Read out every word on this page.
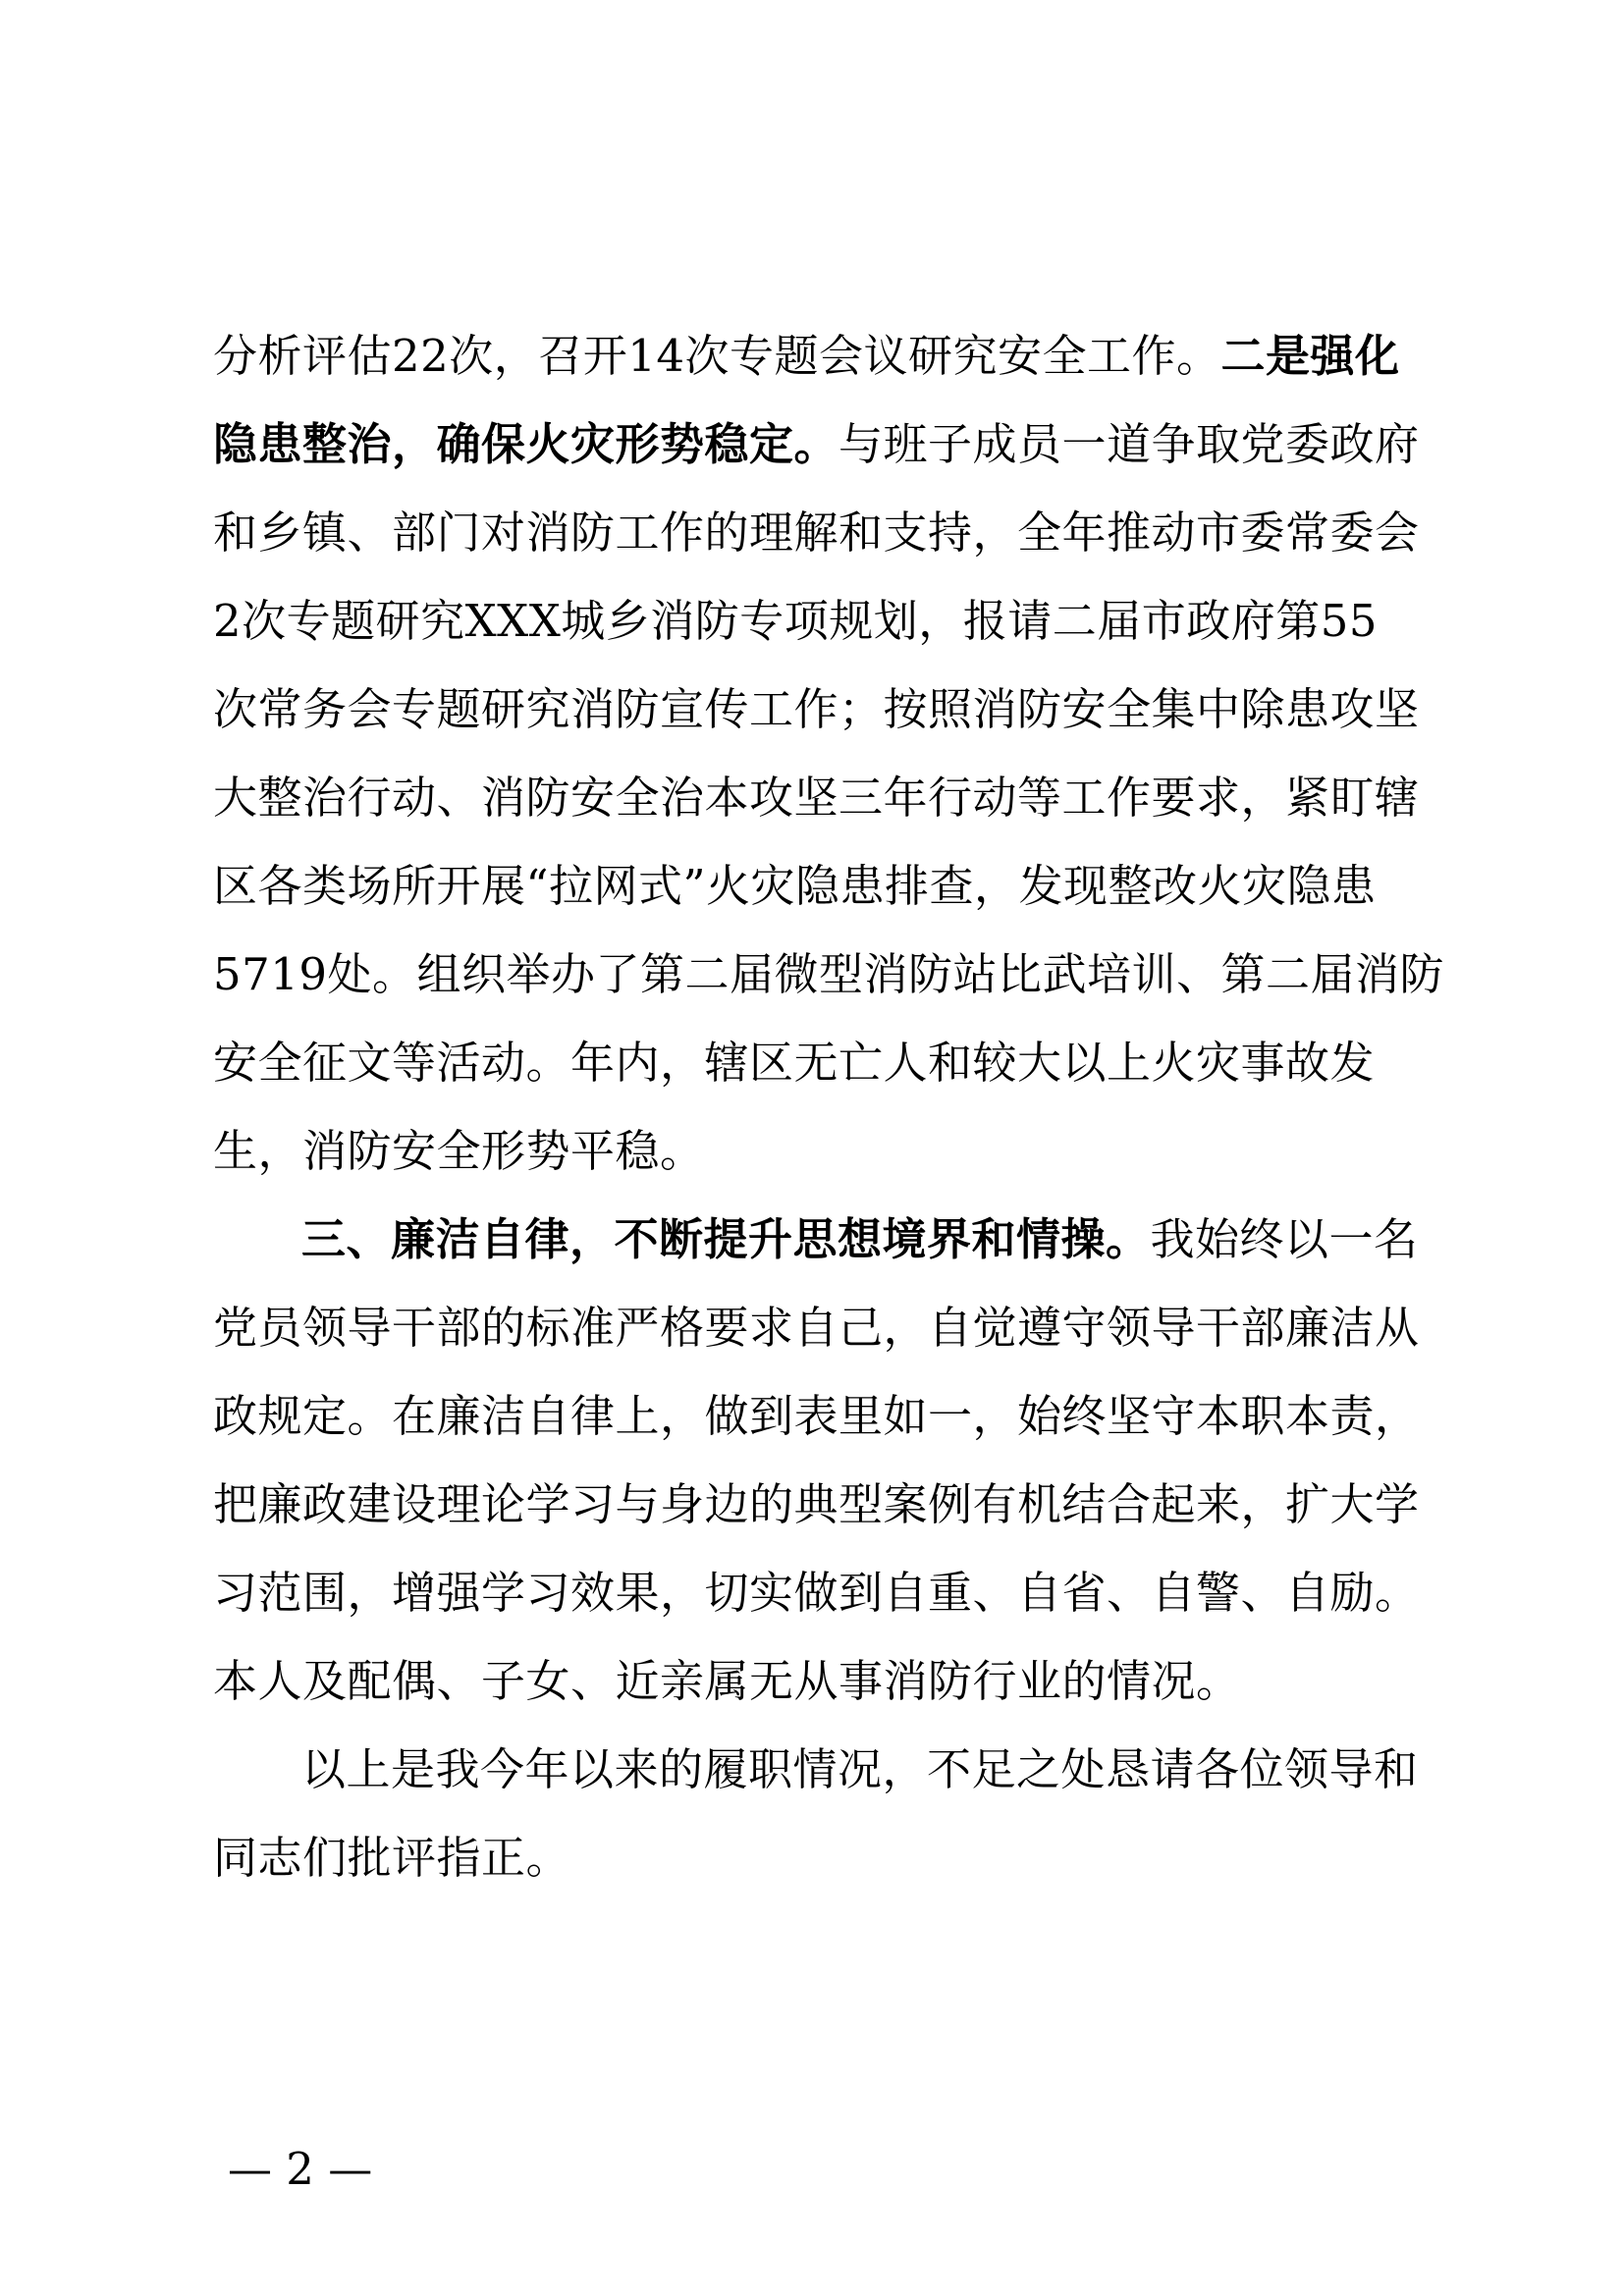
分析评估22次，召开14次专题会议研究安全工作。二是强化
隐患整治，确保火灾形势稳定。与班子成员一道争取党委政府
和乡镇、部门对消防工作的理解和支持，全年推动市委常委会
2次专题研究XXX城乡消防专项规划，报请二届市政府第55
次常务会专题研究消防宣传工作；按照消防安全集中除患攻坚
大整治行动、消防安全治本攻坚三年行动等工作要求，紧盯辖
区各类场所开展“拉网式”火灾隐患排查，发现整改火灾隐患
5719处。组织举办了第二届微型消防站比武培训、第二届消防
安全征文等活动。年内，辖区无亡人和较大以上火灾事故发
生，消防安全形势平稳。
三、廉洁自律，不断提升思想境界和情操。我始终以一名
党员领导干部的标准严格要求自己，自觉遵守领导干部廉洁从
政规定。在廉洁自律上，做到表里如一，始终坚守本职本责，
把廉政建设理论学习与身边的典型案例有机结合起来，扩大学
习范围，增强学习效果，切实做到自重、自省、自警、自励。
本人及配偶、子女、近亲属无从事消防行业的情况。
以上是我今年以来的履职情况，不足之处恳请各位领导和
同志们批评指正。
— 2 —
